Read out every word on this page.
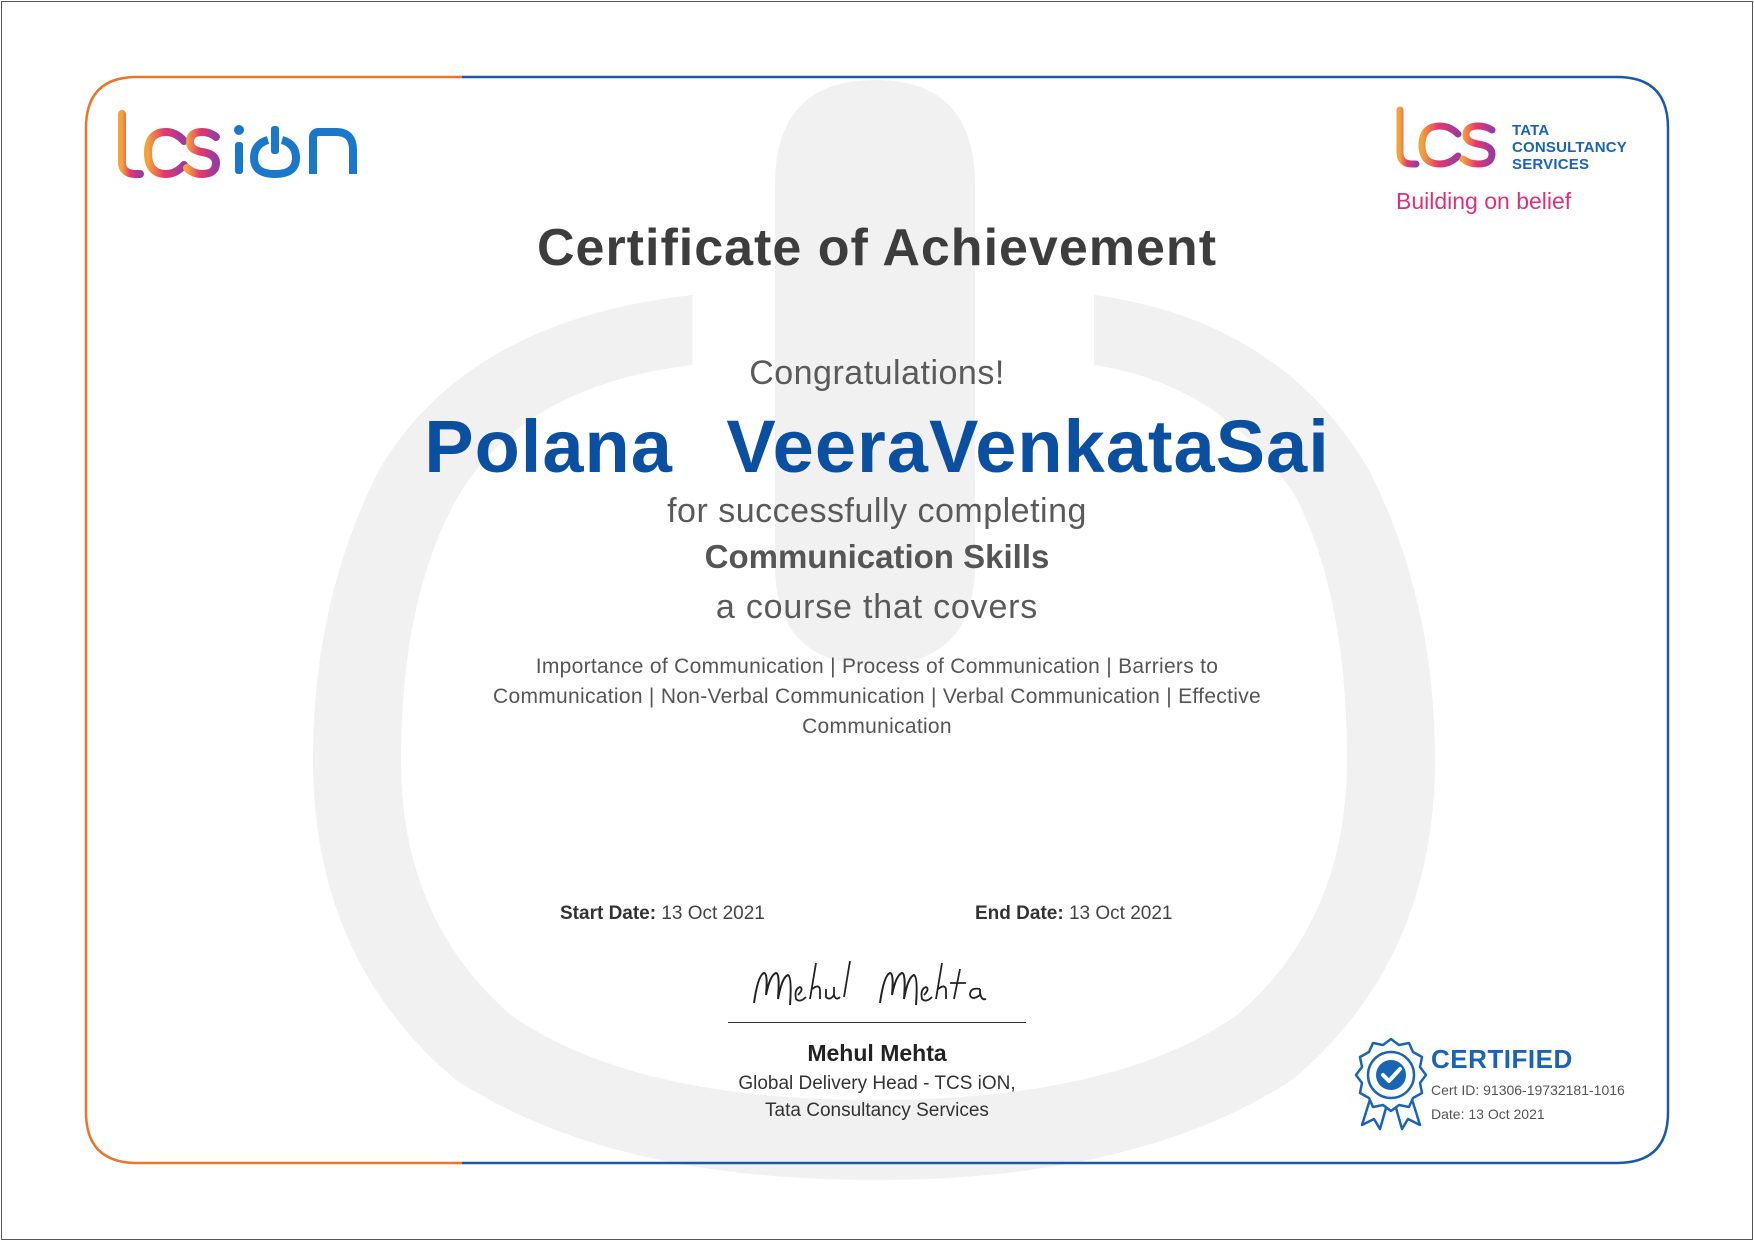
TATA
CONSULTANCY
SERVICES
Building on belief
Certificate of Achievement
Congratulations!
Polana VeeraVenkataSai
for successfully completing
Communication Skills
a course that covers
Importance of Communication | Process of Communication | Barriers to Communication | Non-Verbal Communication | Verbal Communication | Effective Communication
Start Date: 13 Oct 2021	End Date: 13 Oct 2021
Mehul Mehta
Global Delivery Head - TCS iON,
Tata Consultancy Services
CERTIFIED
Cert ID: 91306-19732181-1016
Date: 13 Oct 2021
